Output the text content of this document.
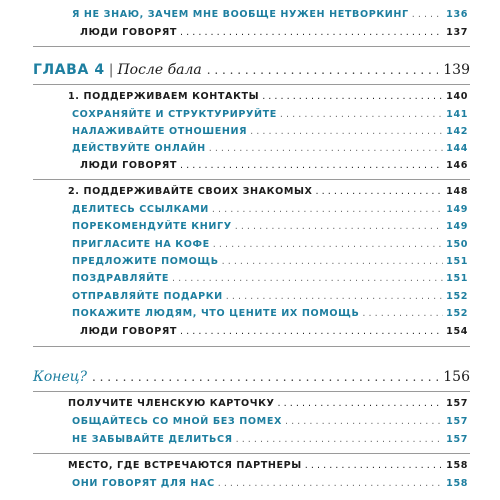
Я НЕ ЗНАЮ, ЗАЧЕМ МНЕ ВООБЩЕ НУЖЕН НЕТВОРКИНГ . . .	136
ЛЮДИ ГОВОРЯТ . . .	137
ГЛАВА 4 | После бала . . .	139
1. ПОДДЕРЖИВАЕМ КОНТАКТЫ . . .	140
СОХРАНЯЙТЕ И СТРУКТУРИРУЙТЕ . . .	141
НАЛАЖИВАЙТЕ ОТНОШЕНИЯ . . .	142
ДЕЙСТВУЙТЕ ОНЛАЙН . . .	144
ЛЮДИ ГОВОРЯТ . . .	146
2. ПОДДЕРЖИВАЙТЕ СВОИХ ЗНАКОМЫХ . . .	148
ДЕЛИТЕСЬ ССЫЛКАМИ . . .	149
ПОРЕКОМЕНДУЙТЕ КНИГУ . . .	149
ПРИГЛАСИТЕ НА КОФЕ . . .	150
ПРЕДЛОЖИТЕ ПОМОЩЬ . . .	151
ПОЗДРАВЛЯЙТЕ . . .	151
ОТПРАВЛЯЙТЕ ПОДАРКИ . . .	152
ПОКАЖИТЕ ЛЮДЯМ, ЧТО ЦЕНИТЕ ИХ ПОМОЩЬ . . .	152
ЛЮДИ ГОВОРЯТ . . .	154
Конец? . . .	156
ПОЛУЧИТЕ ЧЛЕНСКУЮ КАРТОЧКУ . . .	157
ОБЩАЙТЕСЬ СО МНОЙ БЕЗ ПОМЕХ . . .	157
НЕ ЗАБЫВАЙТЕ ДЕЛИТЬСЯ . . .	157
МЕСТО, ГДЕ ВСТРЕЧАЮТСЯ ПАРТНЕРЫ . . .	158
ОНИ ГОВОРЯТ ДЛЯ НАС . . .	158
